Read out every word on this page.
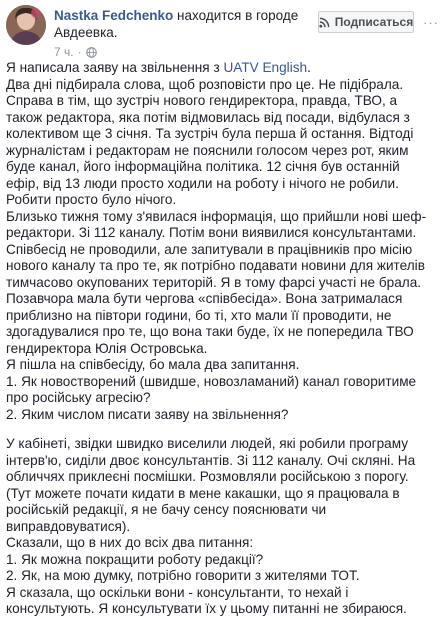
Nastka Fedchenko находится в городе Авдеевка.
7 ч. ·
Подписаться ···

Я написала заяву на звільнення з UATV English.

Два дні підбирала слова, щоб розповісти про це. Не підібрала.

Справа в тім, що зустріч нового гендиректора, правда, ТВО, а також редактора, яка потім відмовилась від посади, відбулася з колективом ще 3 січня. Та зустріч була перша й остання. Відтоді журналістам і редакторам не пояснили голосом через рот, яким буде канал, його інформаційна політика. 12 січня був останній ефір, від 13 люди просто ходили на роботу і нічого не робили. Робити просто було нічого.

Близько тижня тому з'явилася інформація, що прийшли нові шеф-редактори. Зі 112 каналу. Потім вони виявилися консультантами.

Співбесід не проводили, але запитували в працівників про місію нового каналу та про те, як потрібно подавати новини для жителів тимчасово окупованих територій. Я в тому фарсі участі не брала.

Позавчора мала бути чергова «співбесіда». Вона затрималася приблизно на півтори години, бо ті, хто мали її проводити, не здогадувалися про те, що вона таки буде, їх не попередила ТВО гендиректора Юлія Островська.

Я пішла на співбесіду, бо мала два запитання.

1. Як новостворений (швидше, новозламаний) канал говоритиме про російську агресію?

2. Яким числом писати заяву на звільнення?

У кабінеті, звідки швидко виселили людей, які робили програму інтерв'ю, сиділи двоє консультантів. Зі 112 каналу. Очі скляні. На обличчях приклеєні посмішки. Розмовляли російською з порогу.

(Тут можете почати кидати в мене какашки, що я працювала в російській редакції, я не бачу сенсу пояснювати чи виправдовуватися).

Сказали, що в них до всіх два питання:

1. Як можна покращити роботу редакції?

2. Як, на мою думку, потрібно говорити з жителями ТОТ.

Я сказала, що оскільки вони - консультанти, то нехай і консультують. Я консультувати їх у цьому питанні не збираюся.
